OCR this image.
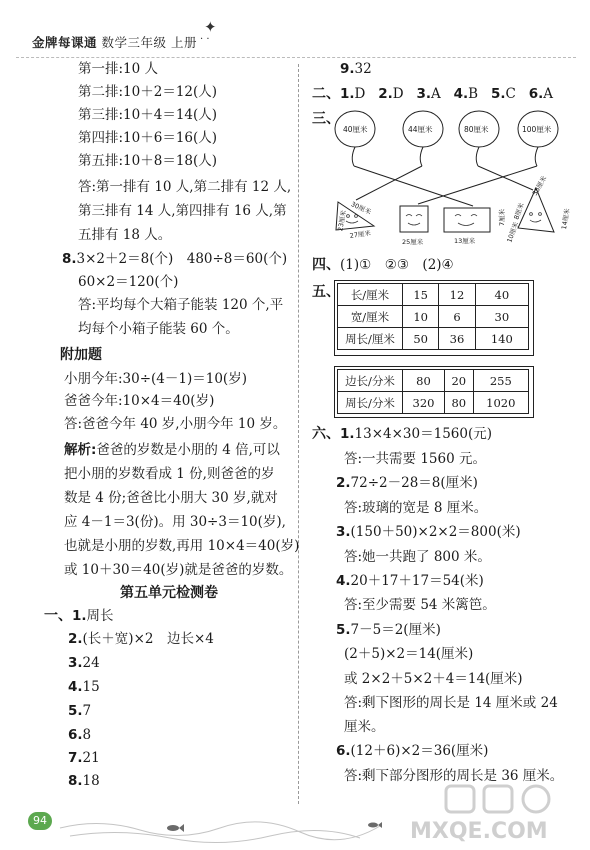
金牌每课通 数学三年级 上册
✦
· ·
第一排:10 人
第二排:10＋2＝12(人)
第三排:10＋4＝14(人)
第四排:10＋6＝16(人)
第五排:10＋8＝18(人)
答:第一排有 10 人,第二排有 12 人,
第三排有 14 人,第四排有 16 人,第
五排有 18 人。
8.3×2＋2＝8(个)　480÷8＝60(个)
60×2＝120(个)
答:平均每个大箱子能装 120 个,平
均每个小箱子能装 60 个。
附加题
小朋今年:30÷(4－1)＝10(岁)
爸爸今年:10×4＝40(岁)
答:爸爸今年 40 岁,小朋今年 10 岁。
解析:爸爸的岁数是小朋的 4 倍,可以
把小朋的岁数看成 1 份,则爸爸的岁
数是 4 份;爸爸比小朋大 30 岁,就对
应 4－1＝3(份)。用 30÷3＝10(岁),
也就是小朋的岁数,再用 10×4＝40(岁)
或 10＋30＝40(岁)就是爸爸的岁数。
第五单元检测卷
一、1.周长
2.(长＋宽)×2　边长×4
3.24
4.15
5.7
6.8
7.21
8.18
9.32
二、1.D 2.D 3.A 4.B 5.C 6.A
三、
40厘米	44厘米	80厘米	100厘米
23厘米
30厘米
27厘米
25厘米	13厘米
7厘米
35厘米
8厘米
10厘米
14厘米
四、(1)①　②③　(2)④
五、 长/厘米	15	12	40
宽/厘米	10	6	30
周长/厘米	50	36	140
边长/分米	80	20	255
周长/分米	320	80	1020
六、1.13×4×30＝1560(元)
答:一共需要 1560 元。
2.72÷2－28＝8(厘米)
答:玻璃的宽是 8 厘米。
3.(150＋50)×2×2＝800(米)
答:她一共跑了 800 米。
4.20＋17＋17＝54(米)
答:至少需要 54 米篱笆。
5.7－5＝2(厘米)
(2＋5)×2＝14(厘米)
或 2×2＋5×2＋4＝14(厘米)
答:剩下图形的周长是 14 厘米或 24
厘米。
6.(12＋6)×2＝36(厘米)
答:剩下部分图形的周长是 36 厘米。
MXQE.COM
94
